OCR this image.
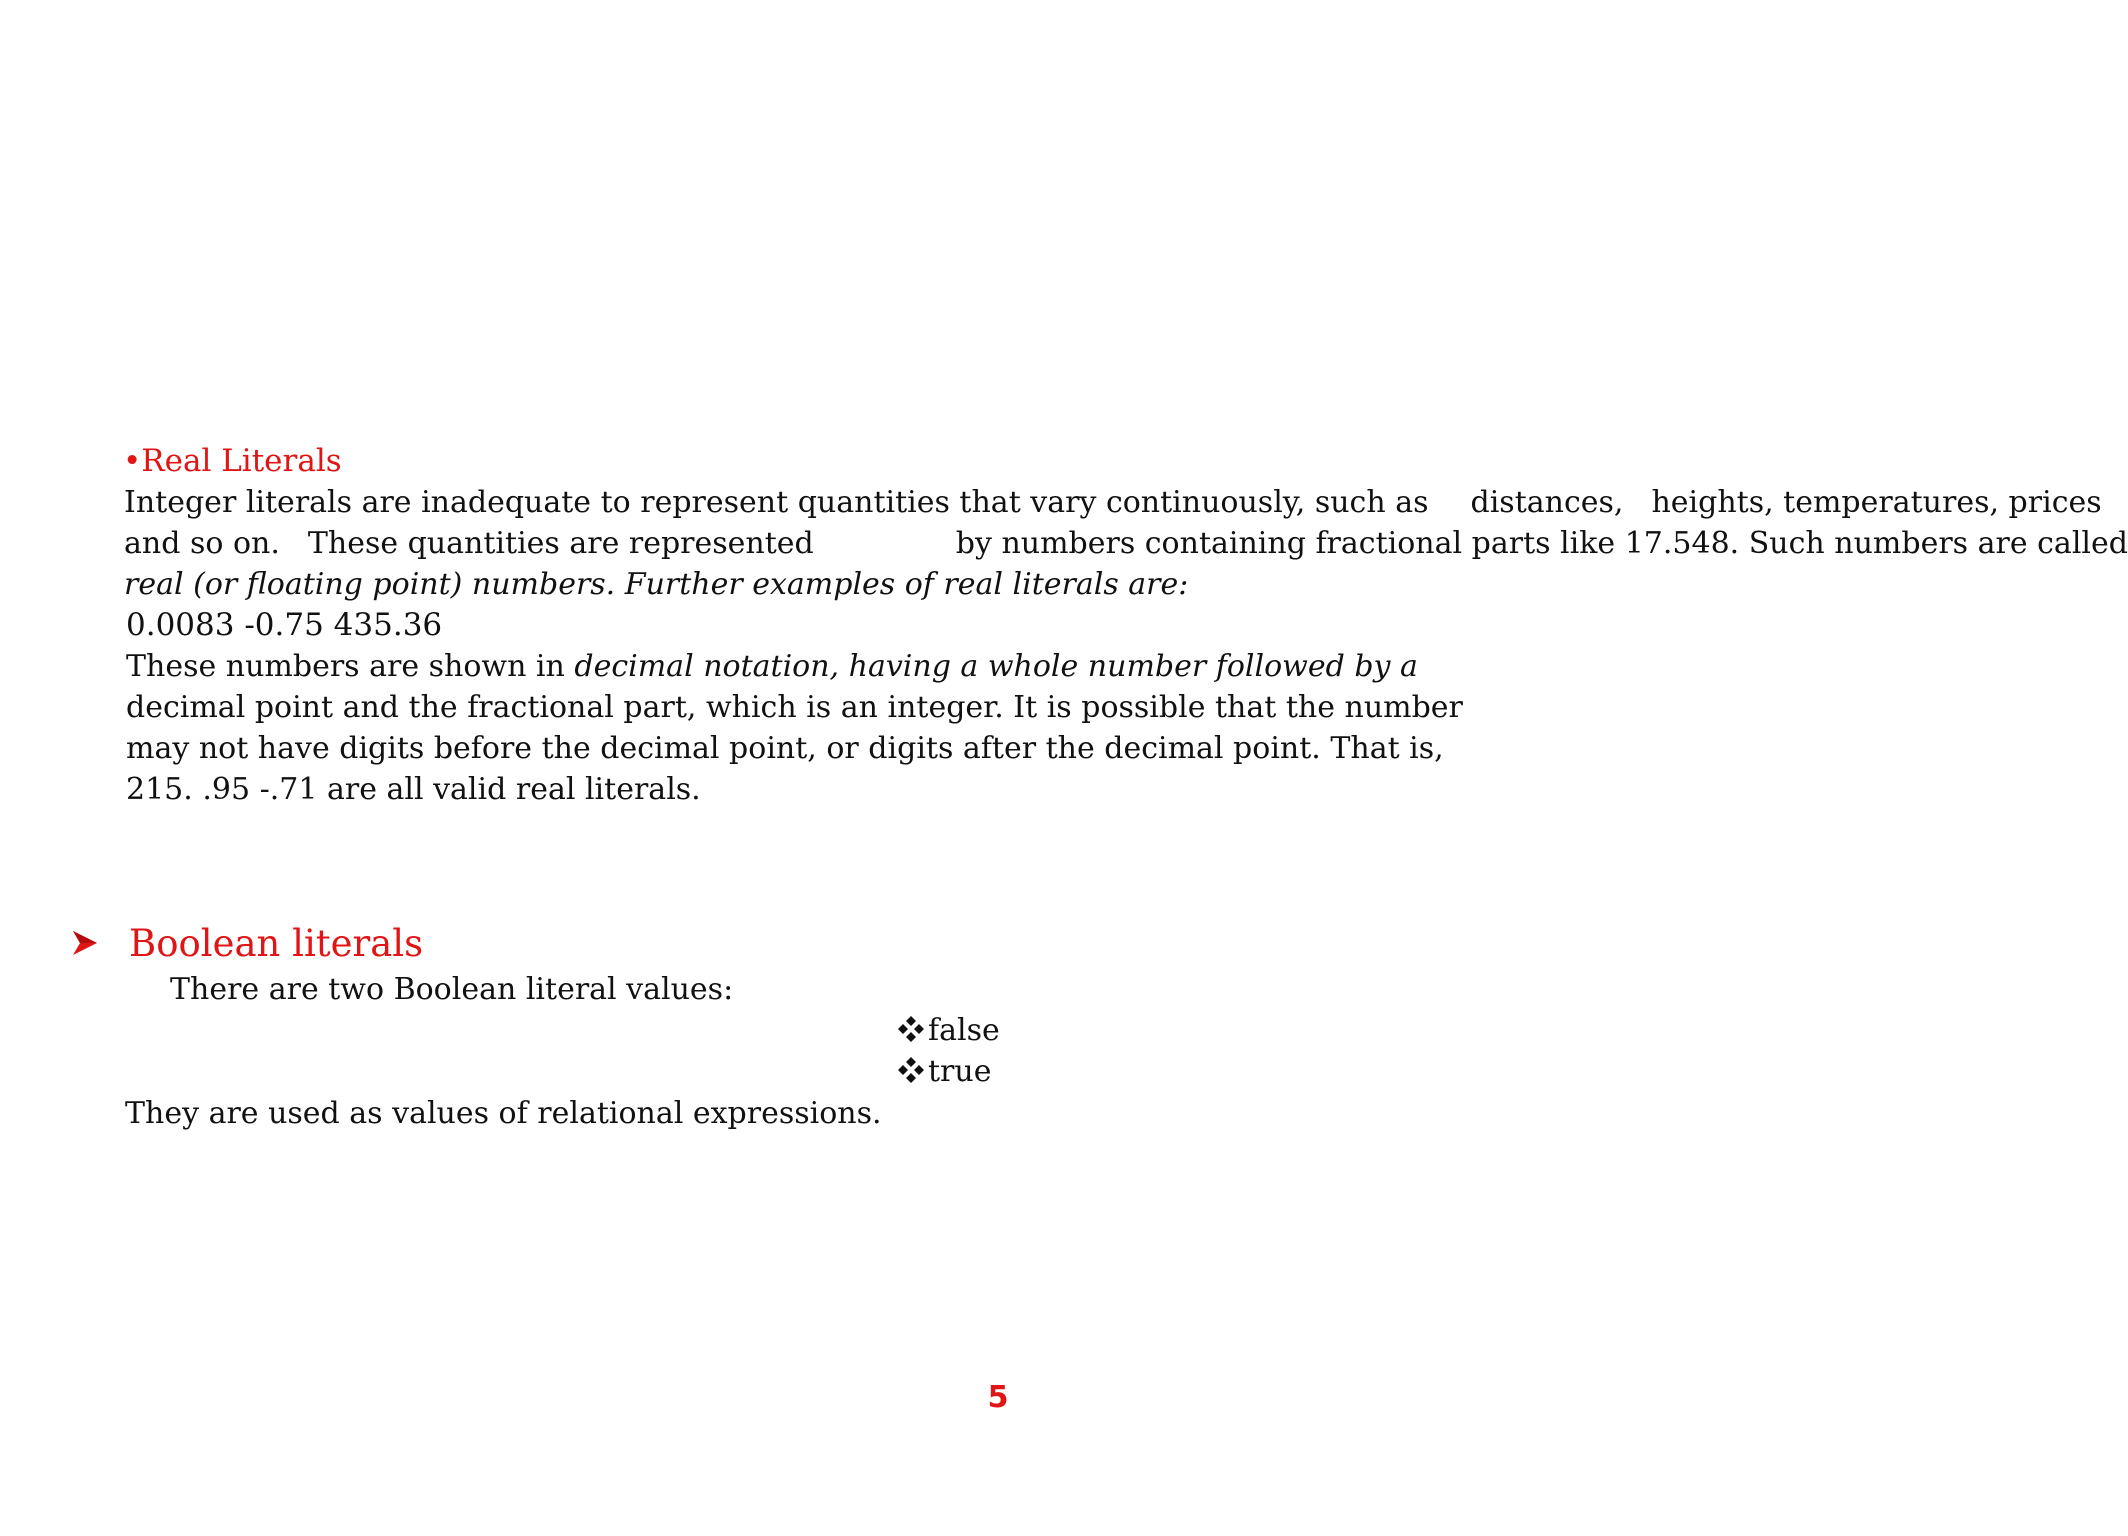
•Real Literals
Integer literals are inadequate to represent quantities that vary continuously, such as distances, heights, temperatures, prices
and so on. These quantities are represented	by numbers containing fractional parts like 17.548. Such numbers are called
real (or floating point) numbers. Further examples of real literals are:
0.0083 -0.75 435.36
These numbers are shown in decimal notation, having a whole number followed by a
decimal point and the fractional part, which is an integer. It is possible that the number
may not have digits before the decimal point, or digits after the decimal point. That is,
215. .95 -.71 are all valid real literals.
Boolean literals
There are two Boolean literal values:
false
true
They are used as values of relational expressions.
5
